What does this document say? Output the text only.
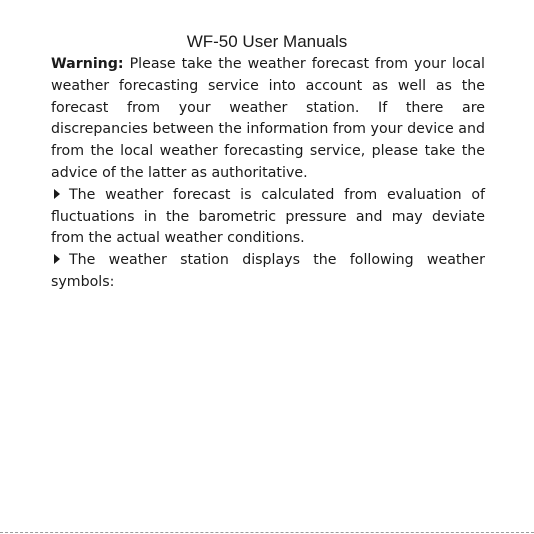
WF-50 User Manuals

Warning: Please take the weather forecast from your local weather forecasting service into account as well as the forecast from your weather station. If there are discrepancies between the information from your device and from the local weather forecasting service, please take the advice of the latter as authoritative.

The weather forecast is calculated from evaluation of fluctuations in the barometric pressure and may deviate from the actual weather conditions.

The weather station displays the following weather symbols:
